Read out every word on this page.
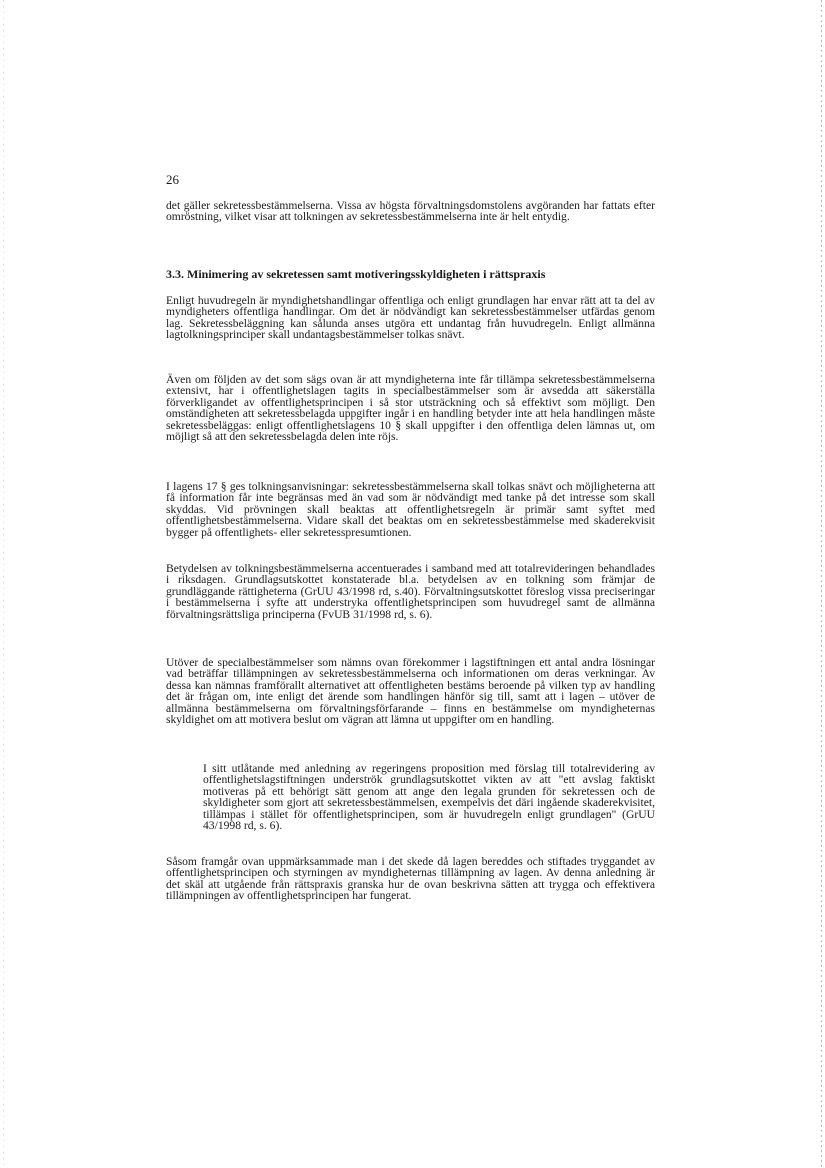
26

det gäller sekretessbestämmelserna. Vissa av högsta förvaltningsdomstolens avgöranden har fattats efter omröstning, vilket visar att tolkningen av sekretessbestämmelserna inte är helt entydig.

3.3. Minimering av sekretessen samt motiveringsskyldigheten i rättspraxis

Enligt huvudregeln är myndighetshandlingar offentliga och enligt grundlagen har envar rätt att ta del av myndigheters offentliga handlingar. Om det är nödvändigt kan sekretessbestämmelser utfärdas genom lag. Sekretessbeläggning kan sålunda anses utgöra ett undantag från huvudregeln. Enligt allmänna lagtolkningsprinciper skall undantagsbestämmelser tolkas snävt.

Även om följden av det som sägs ovan är att myndigheterna inte får tillämpa sekretessbestämmelserna extensivt, har i offentlighetslagen tagits in specialbestämmelser som är avsedda att säkerställa förverkligandet av offentlighetsprincipen i så stor utsträckning och så effektivt som möjligt. Den omständigheten att sekretessbelagda uppgifter ingår i en handling betyder inte att hela handlingen måste sekretessbeläggas: enligt offentlighetslagens 10 § skall uppgifter i den offentliga delen lämnas ut, om möjligt så att den sekretessbelagda delen inte röjs.

I lagens 17 § ges tolkningsanvisningar: sekretessbestämmelserna skall tolkas snävt och möjligheterna att få information får inte begränsas med än vad som är nödvändigt med tanke på det intresse som skall skyddas. Vid prövningen skall beaktas att offentlighetsregeln är primär samt syftet med offentlighetsbestämmelserna. Vidare skall det beaktas om en sekretessbestämmelse med skaderekvisit bygger på offentlighets- eller sekretesspresumtionen.

Betydelsen av tolkningsbestämmelserna accentuerades i samband med att totalrevideringen behandlades i riksdagen. Grundlagsutskottet konstaterade bl.a. betydelsen av en tolkning som främjar de grundläggande rättigheterna (GrUU 43/1998 rd, s.40). Förvaltningsutskottet föreslog vissa preciseringar i bestämmelserna i syfte att understryka offentlighetsprincipen som huvudregel samt de allmänna förvaltningsrättsliga principerna (FvUB 31/1998 rd, s. 6).

Utöver de specialbestämmelser som nämns ovan förekommer i lagstiftningen ett antal andra lösningar vad beträffar tillämpningen av sekretessbestämmelserna och informationen om deras verkningar. Av dessa kan nämnas framförallt alternativet att offentligheten bestäms beroende på vilken typ av handling det är frågan om, inte enligt det ärende som handlingen hänför sig till, samt att i lagen – utöver de allmänna bestämmelserna om förvaltningsförfarande – finns en bestämmelse om myndigheternas skyldighet om att motivera beslut om vägran att lämna ut uppgifter om en handling.

I sitt utlåtande med anledning av regeringens proposition med förslag till totalrevidering av offentlighetslagstiftningen underströk grundlagsutskottet vikten av att "ett avslag faktiskt motiveras på ett behörigt sätt genom att ange den legala grunden för sekretessen och de skyldigheter som gjort att sekretessbestämmelsen, exempelvis det däri ingående skaderekvisitet, tillämpas i stället för offentlighetsprincipen, som är huvudregeln enligt grundlagen" (GrUU 43/1998 rd, s. 6).

Såsom framgår ovan uppmärksammade man i det skede då lagen bereddes och stiftades tryggandet av offentlighetsprincipen och styrningen av myndigheternas tillämpning av lagen. Av denna anledning är det skäl att utgående från rättspraxis granska hur de ovan beskrivna sätten att trygga och effektivera tillämpningen av offentlighetsprincipen har fungerat.
